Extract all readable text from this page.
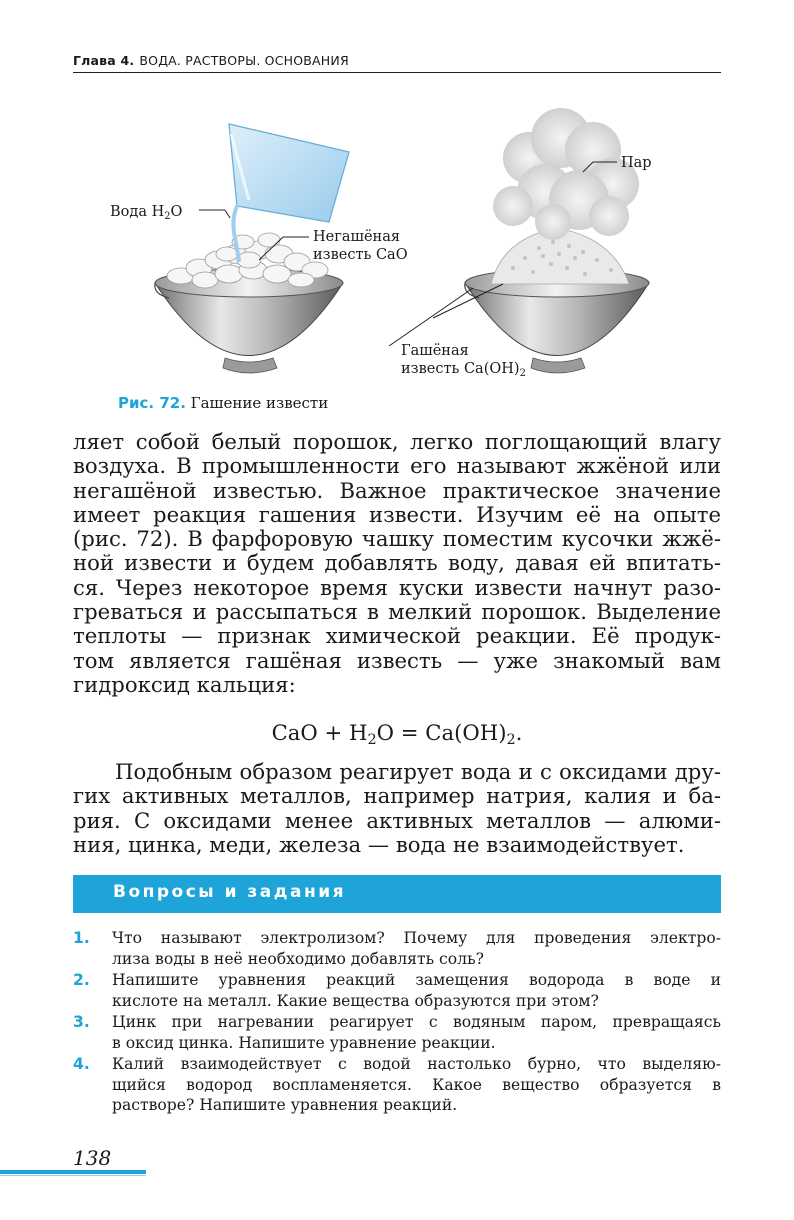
Глава 4. ВОДА. РАСТВОРЫ. ОСНОВАНИЯ
Вода $H_2O$
Негашёная
известь CaO
Пар
Гашёная
известь $Ca(OH)_2$
Рис. 72. Гашение извести

ляет собой белый порошок, легко поглощающий влагу
воздуха. В промышленности его называют жжёной или
негашёной известью. Важное практическое значение
имеет реакция гашения извести. Изучим её на опыте
(рис. 72). В фарфоровую чашку поместим кусочки жжё-
ной извести и будем добавлять воду, давая ей впитать-
ся. Через некоторое время куски извести начнут разо-
греваться и рассыпаться в мелкий порошок. Выделение
теплоты — признак химической реакции. Её продук-
том является гашёная известь — уже знакомый вам
гидроксид кальция:

CaO + $H_2O = Ca(OH)_2$.

Подобным образом реагирует вода и с оксидами дру-
гих активных металлов, например натрия, калия и ба-
рия. С оксидами менее активных металлов — алюми-
ния, цинка, меди, железа — вода не взаимодействует.

Вопросы и задания
1. Что называют электролизом? Почему для проведения электро-
лиза воды в неё необходимо добавлять соль?
2. Напишите уравнения реакций замещения водорода в воде и
кислоте на металл. Какие вещества образуются при этом?
3. Цинк при нагревании реагирует с водяным паром, превращаясь
в оксид цинка. Напишите уравнение реакции.
4. Калий взаимодействует с водой настолько бурно, что выделяю-
щийся водород воспламеняется. Какое вещество образуется в
растворе? Напишите уравнения реакций.
138
